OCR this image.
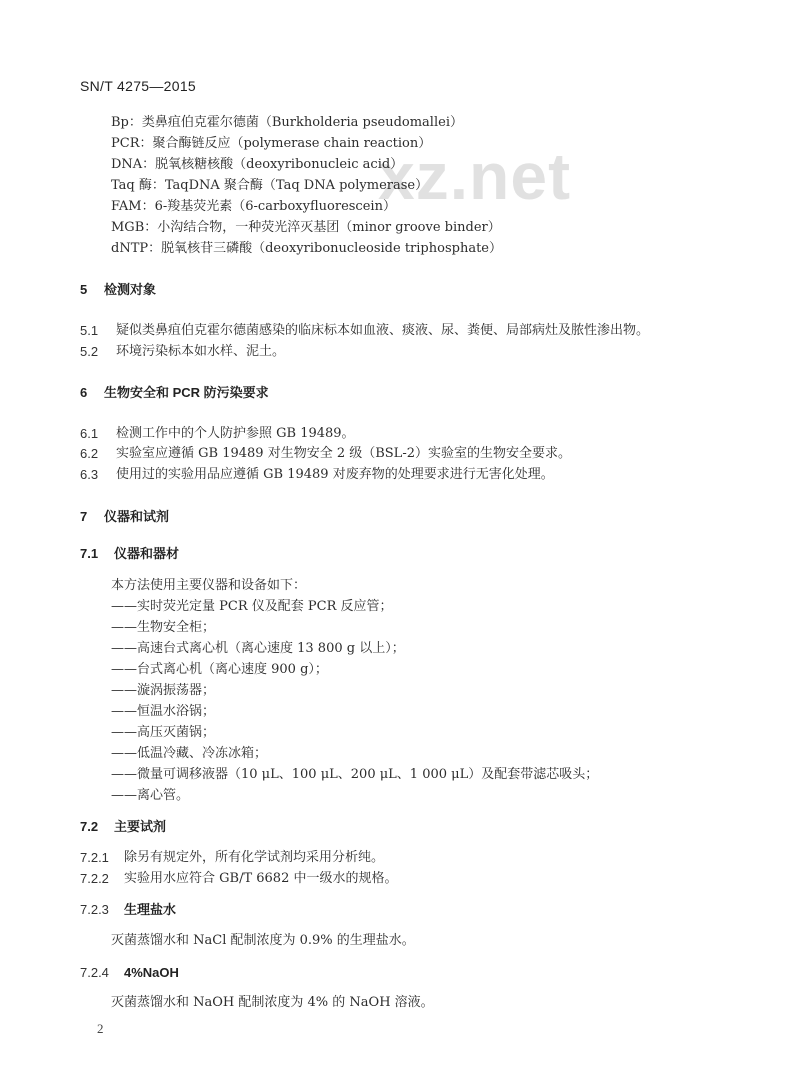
xz.net
SN/T 4275—2015
Bp：类鼻疽伯克霍尔德菌（Burkholderia pseudomallei）
PCR：聚合酶链反应（polymerase chain reaction）
DNA：脱氧核糖核酸（deoxyribonucleic acid）
Taq 酶：TaqDNA 聚合酶（Taq DNA polymerase）
FAM：6-羧基荧光素（6-carboxyfluorescein）
MGB：小沟结合物，一种荧光淬灭基团（minor groove binder）
dNTP：脱氧核苷三磷酸（deoxyribonucleoside triphosphate）
5 检测对象
5.1 疑似类鼻疽伯克霍尔德菌感染的临床标本如血液、痰液、尿、粪便、局部病灶及脓性渗出物。
5.2 环境污染标本如水样、泥土。
6 生物安全和 PCR 防污染要求
6.1 检测工作中的个人防护参照 GB 19489。
6.2 实验室应遵循 GB 19489 对生物安全 2 级（BSL-2）实验室的生物安全要求。
6.3 使用过的实验用品应遵循 GB 19489 对废弃物的处理要求进行无害化处理。
7 仪器和试剂
7.1 仪器和器材
本方法使用主要仪器和设备如下：
——实时荧光定量 PCR 仪及配套 PCR 反应管；
——生物安全柜；
——高速台式离心机（离心速度 13 800 g 以上）；
——台式离心机（离心速度 900 g）；
——漩涡振荡器；
——恒温水浴锅；
——高压灭菌锅；
——低温冷藏、冷冻冰箱；
——微量可调移液器（10 μL、100 μL、200 μL、1 000 μL）及配套带滤芯吸头；
——离心管。
7.2 主要试剂
7.2.1 除另有规定外，所有化学试剂均采用分析纯。
7.2.2 实验用水应符合 GB/T 6682 中一级水的规格。
7.2.3 生理盐水
灭菌蒸馏水和 NaCl 配制浓度为 0.9% 的生理盐水。
7.2.4 4%NaOH
灭菌蒸馏水和 NaOH 配制浓度为 4% 的 NaOH 溶液。
2
